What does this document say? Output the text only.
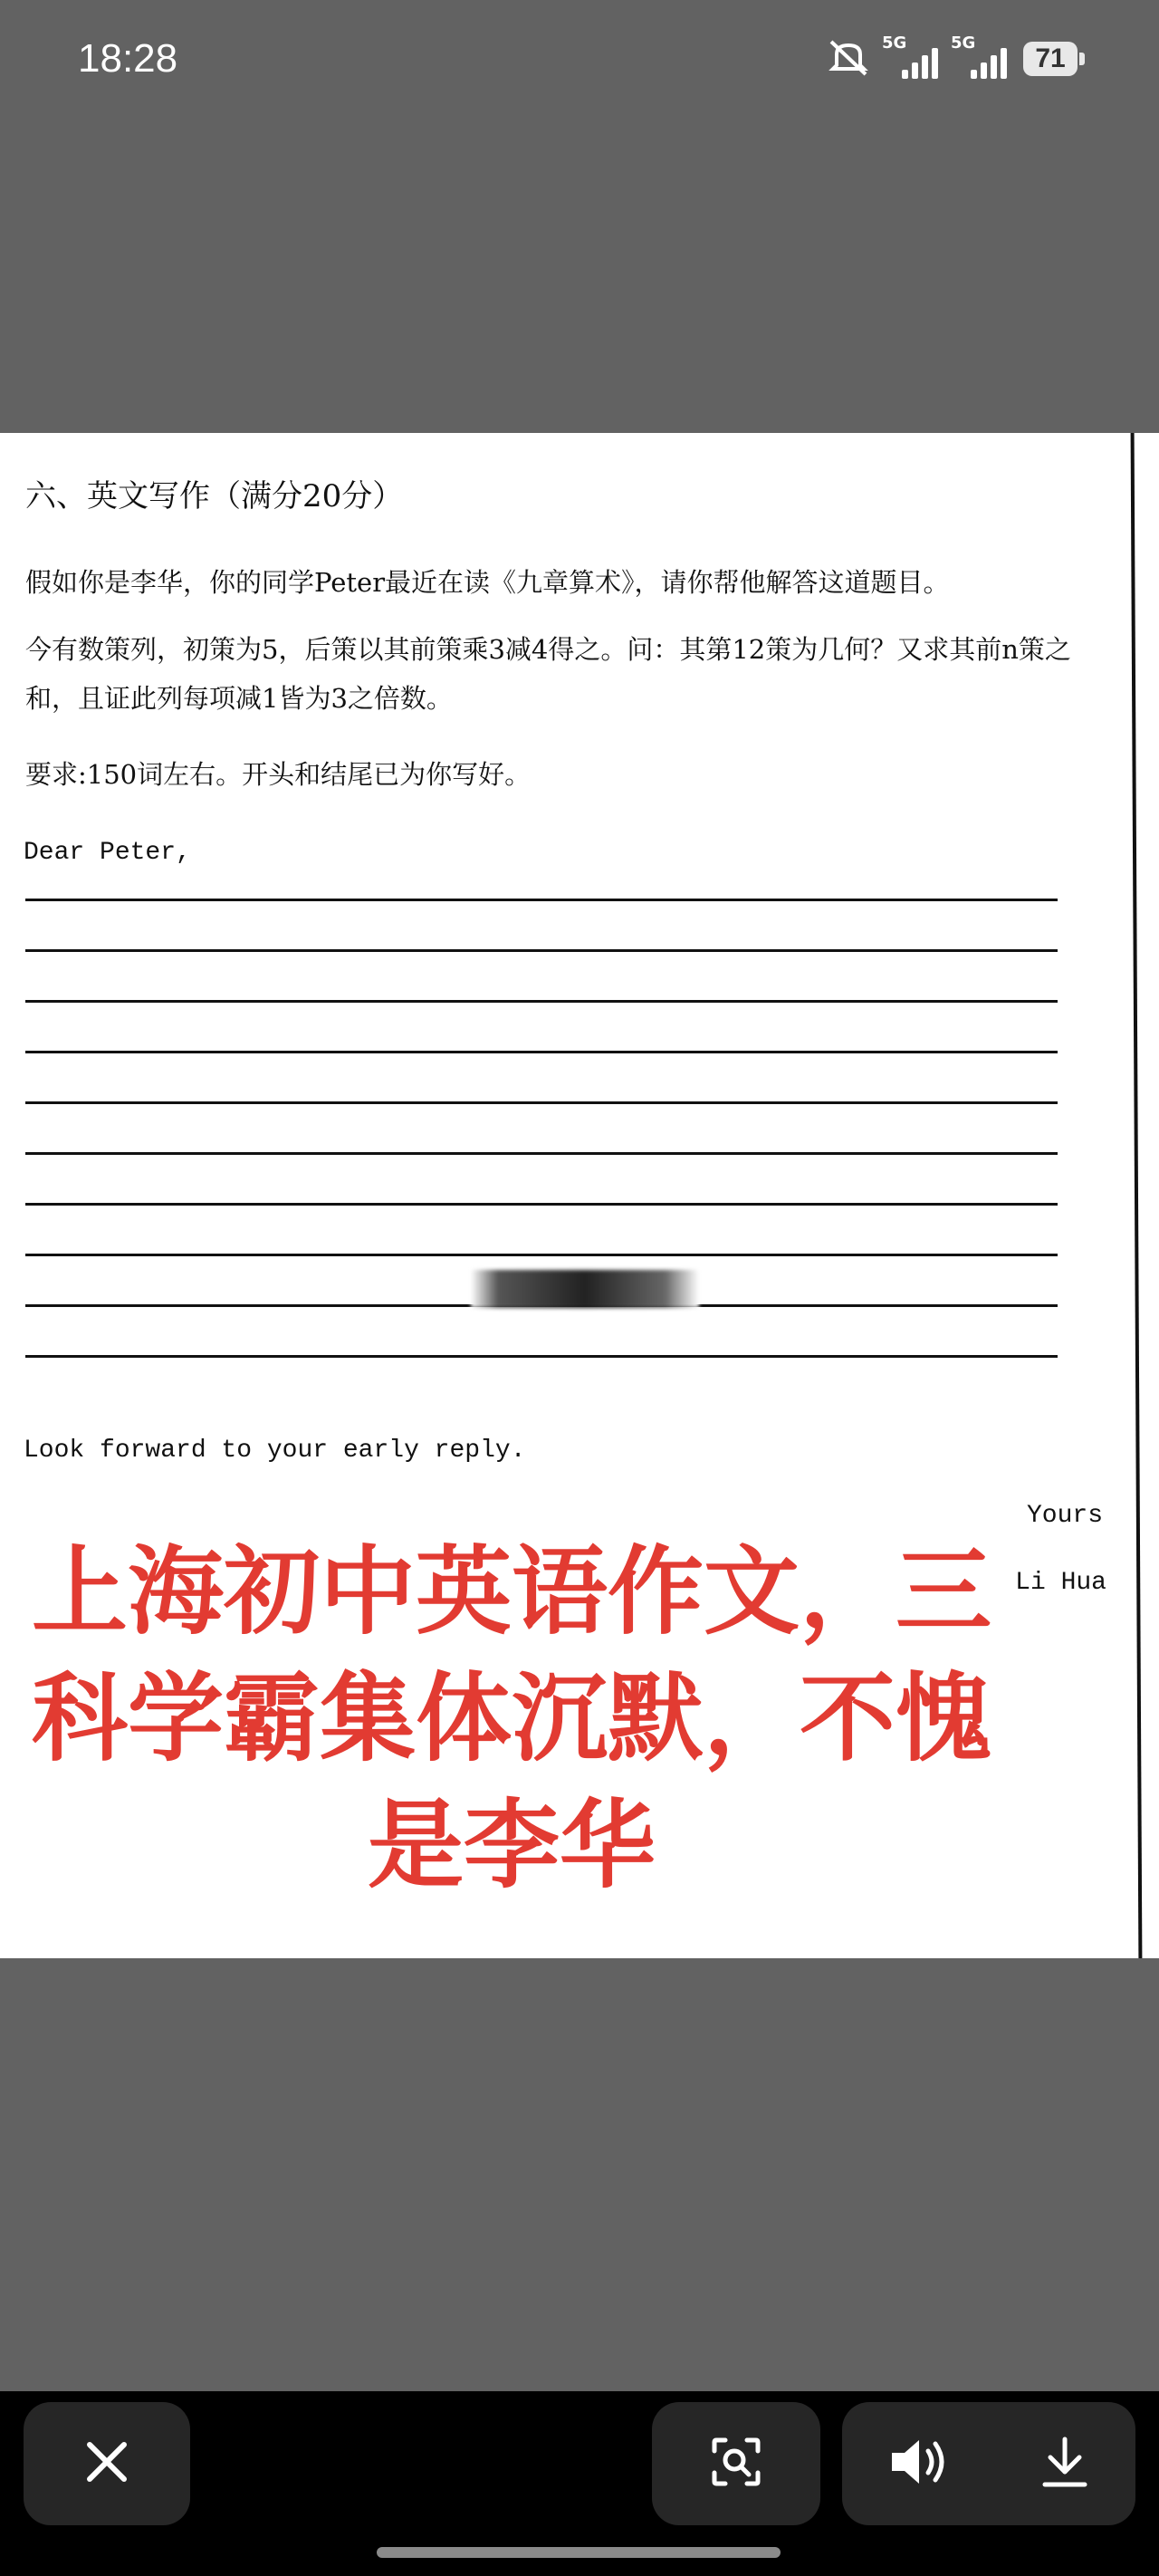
18:28	5G	5G
71
六、英文写作（满分20分）
假如你是李华，你的同学Peter最近在读《九章算术》，请你帮他解答这道题目。
今有数策列，初策为5，后策以其前策乘3减4得之。问：其第12策为几何？又求其前n策之和，且证此列每项减1皆为3之倍数。
要求:150词左右。开头和结尾已为你写好。
Dear Peter,
Look forward to your early reply.
Yours
Li Hua
上海初中英语作文，三科学霸集体沉默，不愧是李华
